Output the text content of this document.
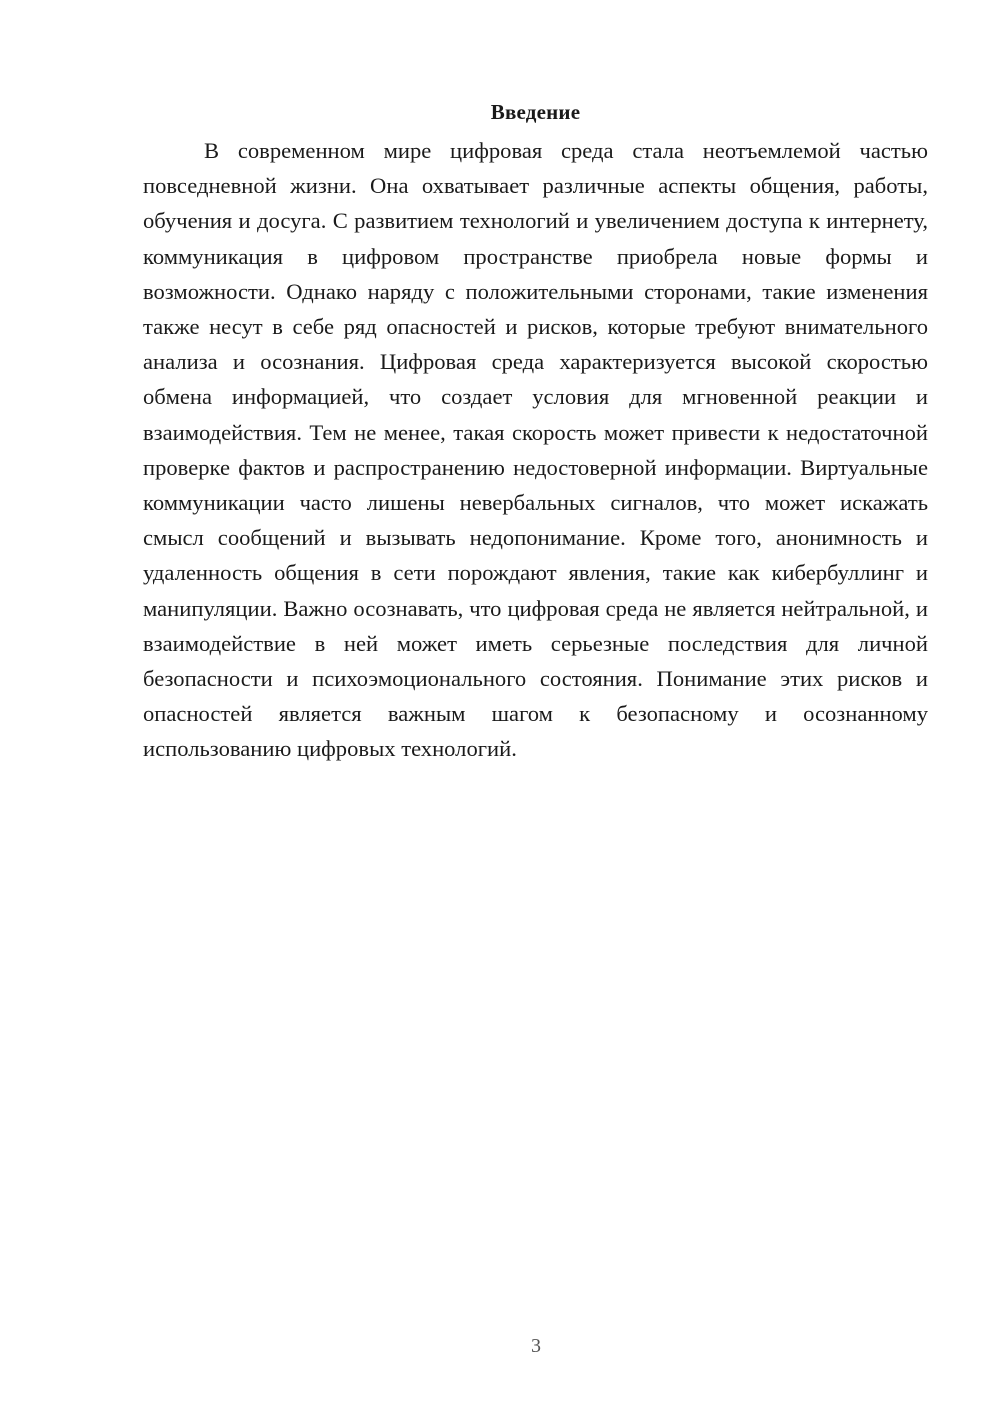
Введение

В современном мире цифровая среда стала неотъемлемой частью повседневной жизни. Она охватывает различные аспекты общения, работы, обучения и досуга. С развитием технологий и увеличением доступа к интернету, коммуникация в цифровом пространстве приобрела новые формы и возможности. Однако наряду с положительными сторонами, такие изменения также несут в себе ряд опасностей и рисков, которые требуют внимательного анализа и осознания. Цифровая среда характеризуется высокой скоростью обмена информацией, что создает условия для мгновенной реакции и взаимодействия. Тем не менее, такая скорость может привести к недостаточной проверке фактов и распространению недостоверной информации. Виртуальные коммуникации часто лишены невербальных сигналов, что может искажать смысл сообщений и вызывать недопонимание. Кроме того, анонимность и удаленность общения в сети порождают явления, такие как кибербуллинг и манипуляции. Важно осознавать, что цифровая среда не является нейтральной, и взаимодействие в ней может иметь серьезные последствия для личной безопасности и психоэмоционального состояния. Понимание этих рисков и опасностей является важным шагом к безопасному и осознанному использованию цифровых технологий.

3
